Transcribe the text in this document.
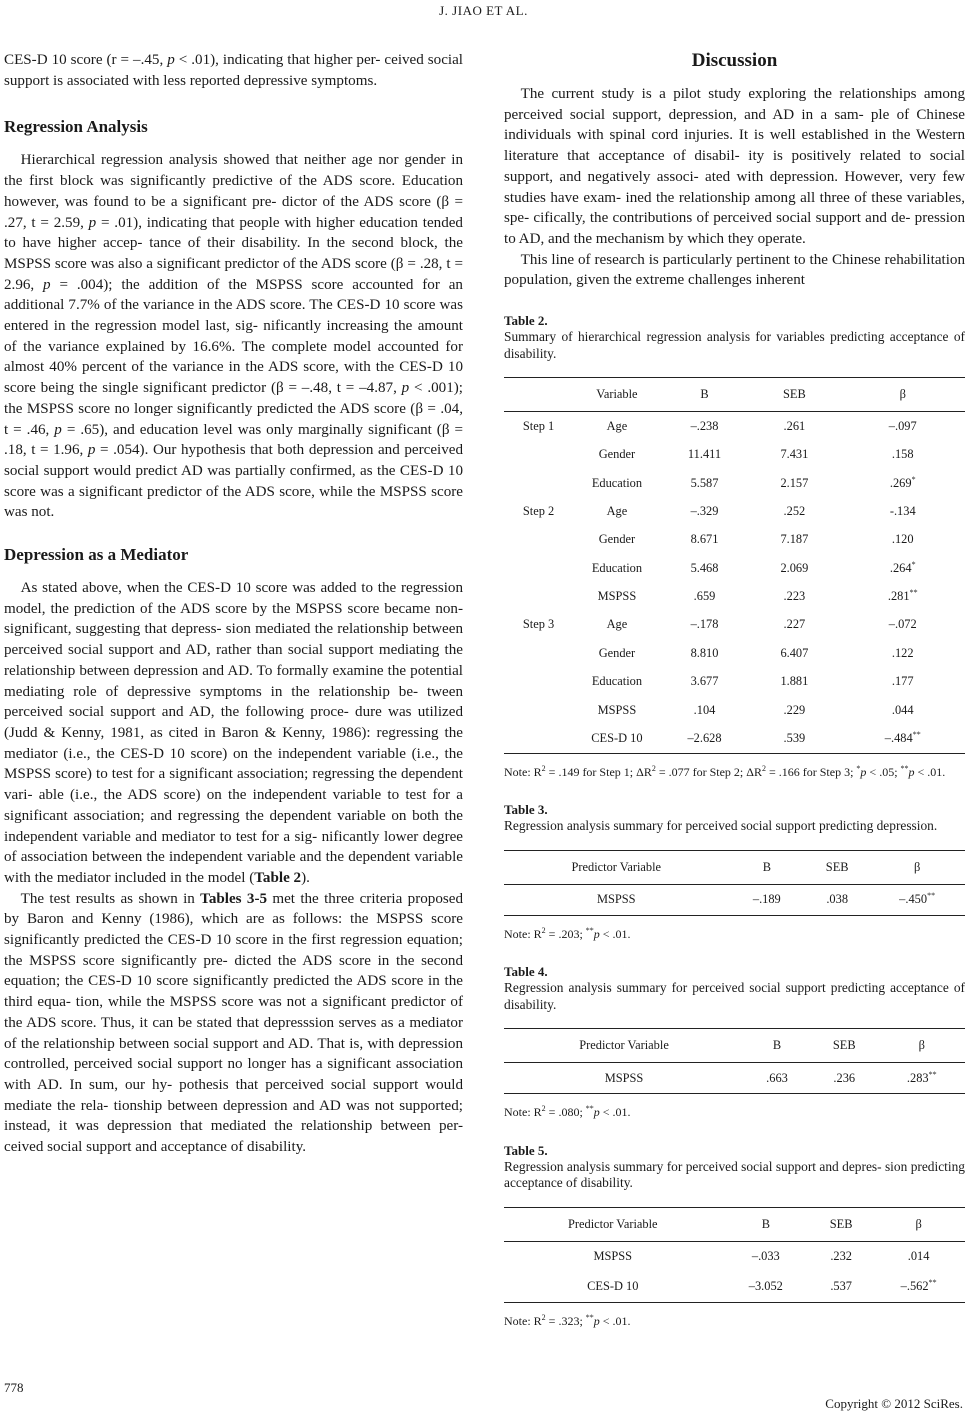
J. JIAO ET AL.

CES-D 10 score (r = –.45, p < .01), indicating that higher per- ceived social support is associated with less reported depressive symptoms.

Regression Analysis

Hierarchical regression analysis showed that neither age nor gender in the first block was significantly predictive of the ADS score. Education however, was found to be a significant pre- dictor of the ADS score (β = .27, t = 2.59, p = .01), indicating that people with higher education tended to have higher accep- tance of their disability. In the second block, the MSPSS score was also a significant predictor of the ADS score (β = .28, t = 2.96, p = .004); the addition of the MSPSS score accounted for an additional 7.7% of the variance in the ADS score. The CES-D 10 score was entered in the regression model last, sig- nificantly increasing the amount of the variance explained by 16.6%. The complete model accounted for almost 40% percent of the variance in the ADS score, with the CES-D 10 score being the single significant predictor (β = –.48, t = –4.87, p < .001); the MSPSS score no longer significantly predicted the ADS score (β = .04, t = .46, p = .65), and education level was only marginally significant (β = .18, t = 1.96, p = .054). Our hypothesis that both depression and perceived social support would predict AD was partially confirmed, as the CES-D 10 score was a significant predictor of the ADS score, while the MSPSS score was not.

Depression as a Mediator

As stated above, when the CES-D 10 score was added to the regression model, the prediction of the ADS score by the MSPSS score became non-significant, suggesting that depress- sion mediated the relationship between perceived social support and AD, rather than social support mediating the relationship between depression and AD. To formally examine the potential mediating role of depressive symptoms in the relationship be- tween perceived social support and AD, the following proce- dure was utilized (Judd & Kenny, 1981, as cited in Baron & Kenny, 1986): regressing the mediator (i.e., the CES-D 10 score) on the independent variable (i.e., the MSPSS score) to test for a significant association; regressing the dependent vari- able (i.e., the ADS score) on the independent variable to test for a significant association; and regressing the dependent variable on both the independent variable and mediator to test for a sig- nificantly lower degree of association between the independent variable and the dependent variable with the mediator included in the model (Table 2).

The test results as shown in Tables 3-5 met the three criteria proposed by Baron and Kenny (1986), which are as follows: the MSPSS score significantly predicted the CES-D 10 score in the first regression equation; the MSPSS score significantly pre- dicted the ADS score in the second equation; the CES-D 10 score significantly predicted the ADS score in the third equa- tion, while the MSPSS score was not a significant predictor of the ADS score. Thus, it can be stated that depresssion serves as a mediator of the relationship between social support and AD. That is, with depression controlled, perceived social support no longer has a significant association with AD. In sum, our hy- pothesis that perceived social support would mediate the rela- tionship between depression and AD was not supported; instead, it was depression that mediated the relationship between per- ceived social support and acceptance of disability.

Discussion

The current study is a pilot study exploring the relationships among perceived social support, depression, and AD in a sam- ple of Chinese individuals with spinal cord injuries. It is well established in the Western literature that acceptance of disabil- ity is positively related to social support, and negatively associ- ated with depression. However, very few studies have exam- ined the relationship among all three of these variables, spe- cifically, the contributions of perceived social support and de- pression to AD, and the mechanism by which they operate.

This line of research is particularly pertinent to the Chinese rehabilitation population, given the extreme challenges inherent

Table 2.
Summary of hierarchical regression analysis for variables predicting acceptance of disability.
	Variable	B	SEB	β
Step 1	Age	–.238	.261	–.097
	Gender	11.411	7.431	.158
	Education	5.587	2.157	.269*
Step 2	Age	–.329	.252	-.134
	Gender	8.671	7.187	.120
	Education	5.468	2.069	.264*
	MSPSS	.659	.223	.281**
Step 3	Age	–.178	.227	–.072
	Gender	8.810	6.407	.122
	Education	3.677	1.881	.177
	MSPSS	.104	.229	.044
	CES-D 10	–2.628	.539	–.484**
Note: $R^2 = .149$ for Step 1; $\Delta R^2 = .077$ for Step 2; $\Delta R^2 = .166$ for Step 3; *p < .05; **p < .01.
Table 3.
Regression analysis summary for perceived social support predicting depression.
Predictor Variable	B	SEB	β
MSPSS	–.189	.038	–.450**
Note: $R^2 = .203$; **p < .01.
Table 4.
Regression analysis summary for perceived social support predicting acceptance of disability.
Predictor Variable	B	SEB	β
MSPSS	.663	.236	.283**
Note: $R^2 = .080$; **p < .01.
Table 5.
Regression analysis summary for perceived social support and depres- sion predicting acceptance of disability.
Predictor Variable	B	SEB	β
MSPSS	–.033	.232	.014
CES-D 10	–3.052	.537	–.562**
Note: $R^2 = .323$; **p < .01.
778
Copyright © 2012 SciRes.
